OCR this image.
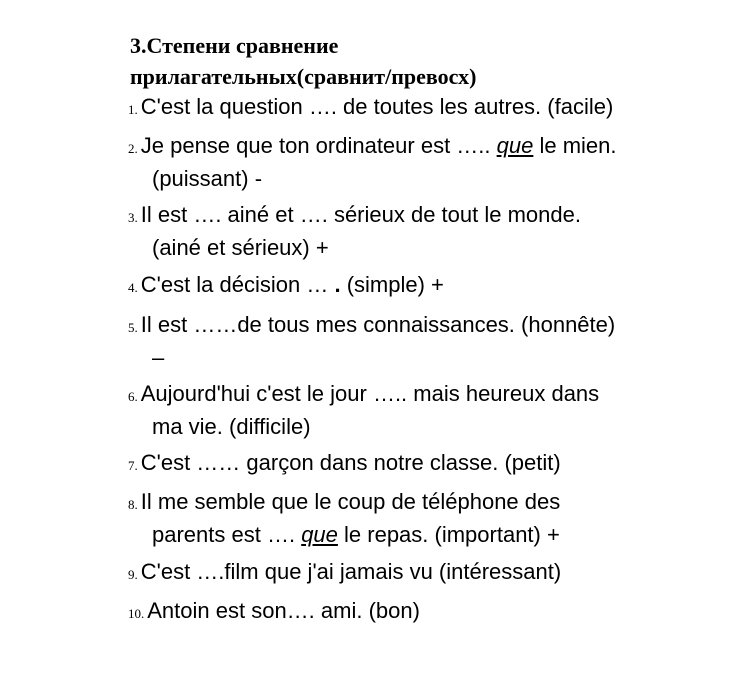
3.Степени сравнение
прилагательных(сравнит/превосх)
1. C'est la question …. de toutes les autres. (facile)
2. Je pense que ton ordinateur est ….. que le mien.
(puissant) -
3. Il est …. ainé et …. sérieux de tout le monde.
(ainé et sérieux) +
4. C'est la décision … . (simple) +
5. Il est ……de tous mes connaissances. (honnête)
–
6. Aujourd'hui c'est le jour ….. mais heureux dans
ma vie. (difficile)
7. C'est …… garçon dans notre classe. (petit)
8. Il me semble que le coup de téléphone des
parents est …. que le repas. (important) +
9. C'est ….film que j'ai jamais vu (intéressant)
10. Antoin est son…. ami. (bon)
